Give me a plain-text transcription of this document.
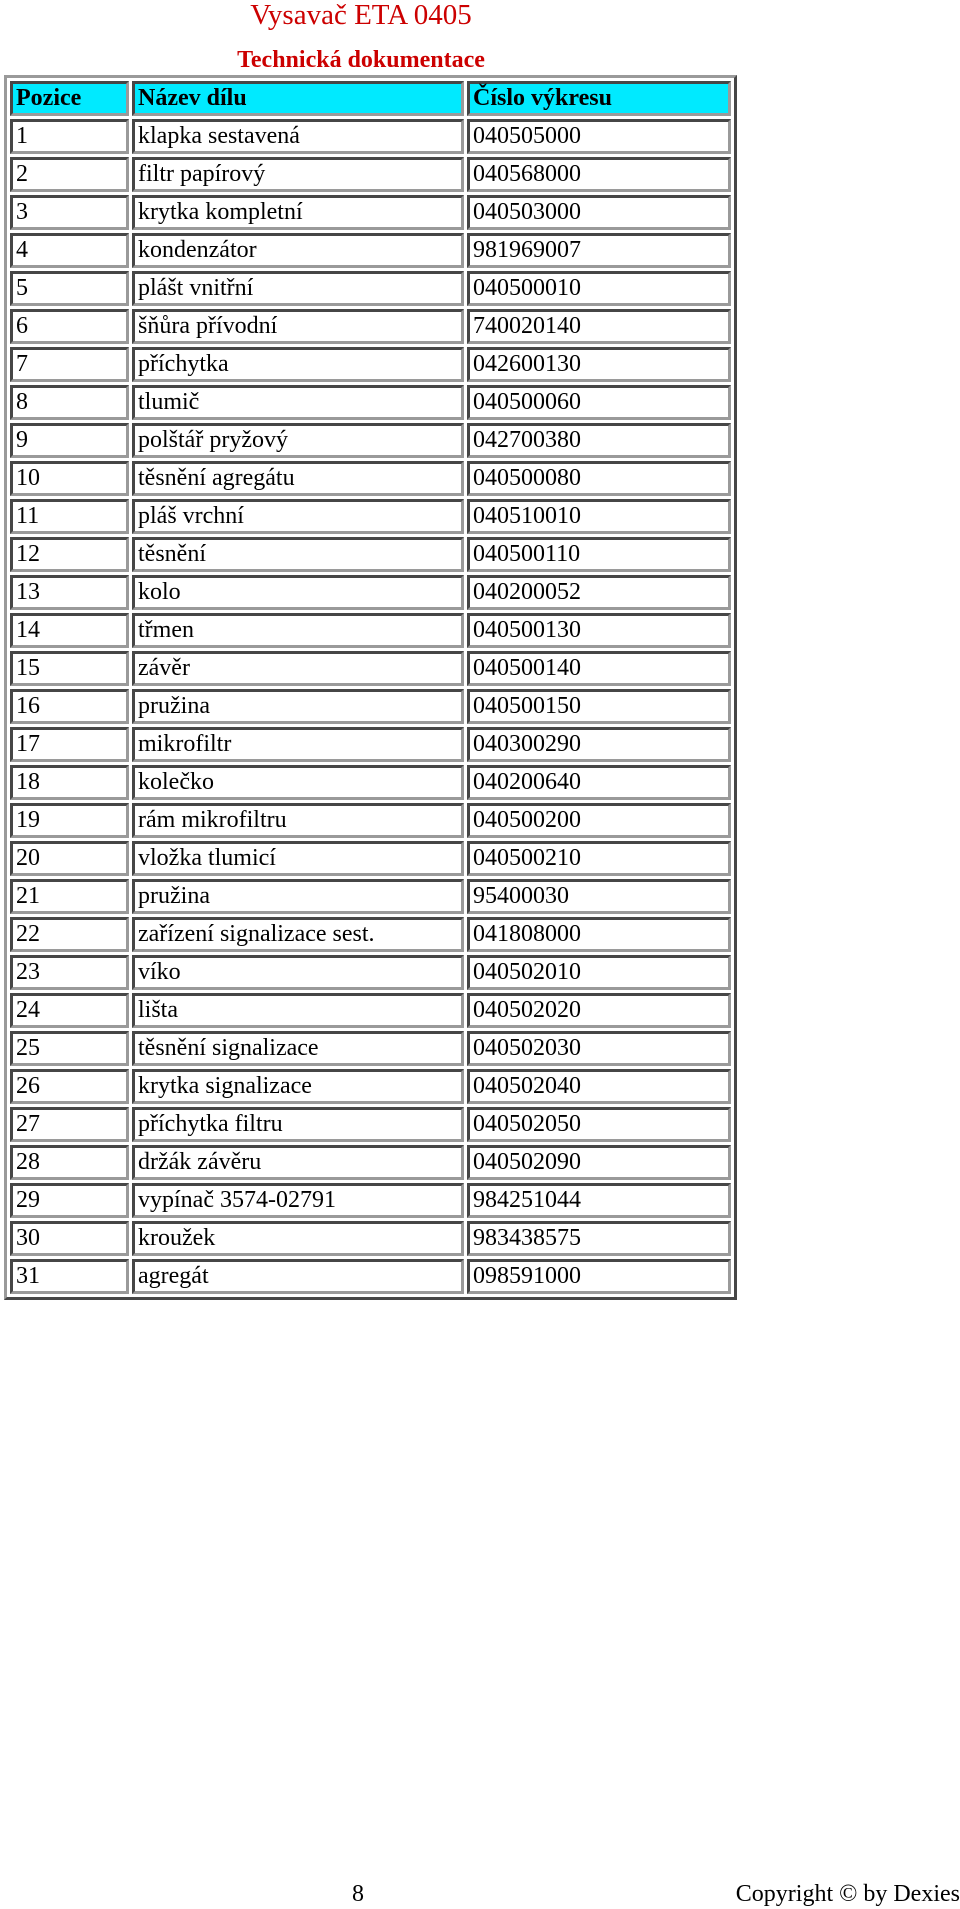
Vysavač ETA 0405
Technická dokumentace
Pozice	Název dílu	Číslo výkresu
1	klapka sestavená	040505000
2	filtr papírový	040568000
3	krytka kompletní	040503000
4	kondenzátor	981969007
5	plášt vnitřní	040500010
6	šňůra přívodní	740020140
7	příchytka	042600130
8	tlumič	040500060
9	polštář pryžový	042700380
10	těsnění agregátu	040500080
11	pláš vrchní	040510010
12	těsnění	040500110
13	kolo	040200052
14	třmen	040500130
15	závěr	040500140
16	pružina	040500150
17	mikrofiltr	040300290
18	kolečko	040200640
19	rám mikrofiltru	040500200
20	vložka tlumicí	040500210
21	pružina	95400030
22	zařízení signalizace sest.	041808000
23	víko	040502010
24	lišta	040502020
25	těsnění signalizace	040502030
26	krytka signalizace	040502040
27	příchytka filtru	040502050
28	držák závěru	040502090
29	vypínač 3574-02791	984251044
30	kroužek	983438575
31	agregát	098591000
8	Copyright © by Dexies
